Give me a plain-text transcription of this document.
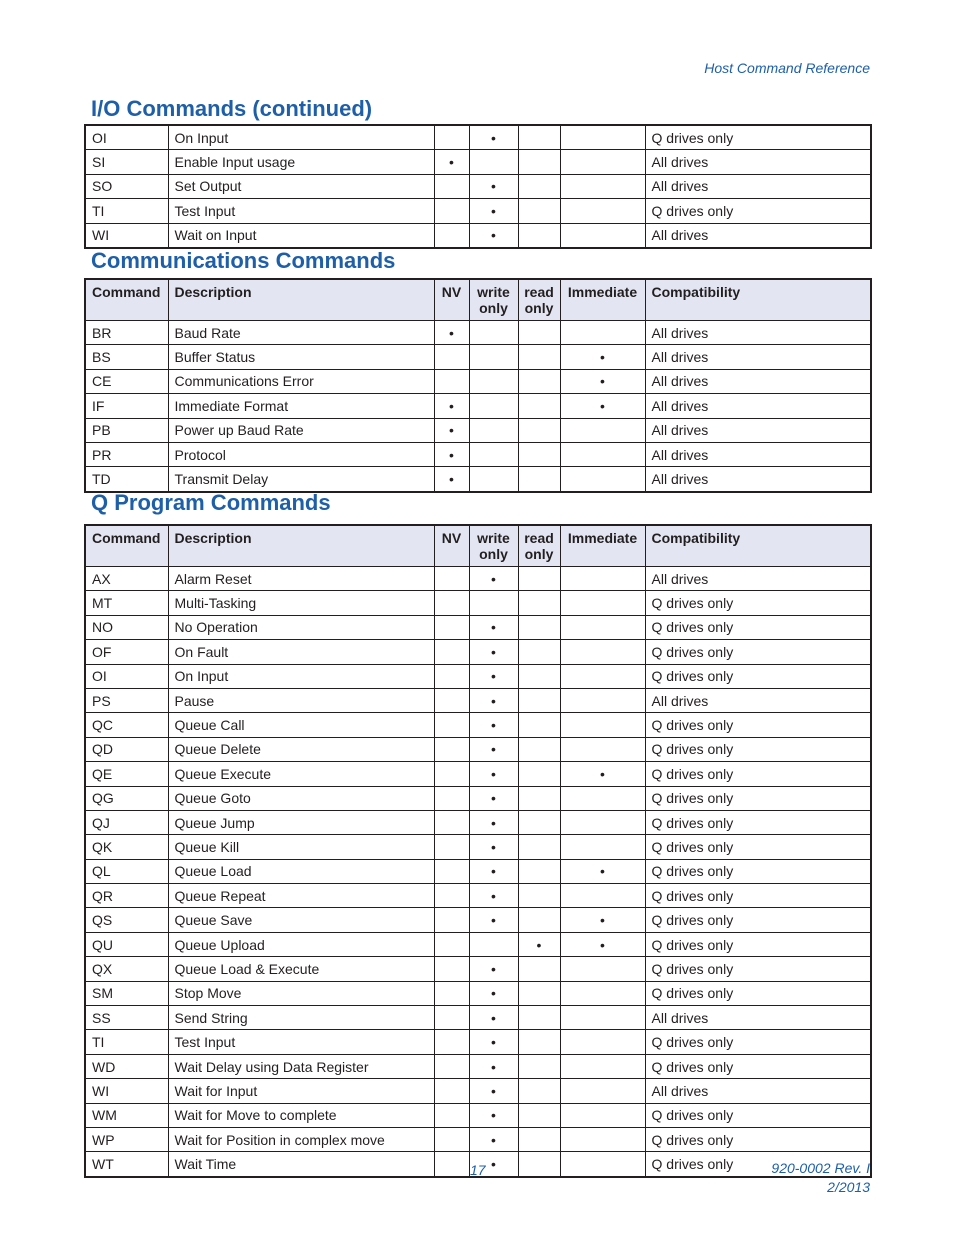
Host Command Reference
I/O Commands (continued)
OI	On Input		•			Q drives only
SI	Enable Input usage	•				All drives
SO	Set Output		•			All drives
TI	Test Input		•			Q drives only
WI	Wait on Input		•			All drives
Communications Commands
Command	Description	NV	write only	read only	Immediate	Compatibility
BR	Baud Rate	•				All drives
BS	Buffer Status				•	All drives
CE	Communications Error				•	All drives
IF	Immediate Format	•			•	All drives
PB	Power up Baud Rate	•				All drives
PR	Protocol	•				All drives
TD	Transmit Delay	•				All drives
Q Program Commands
Command	Description	NV	write only	read only	Immediate	Compatibility
AX	Alarm Reset		•			All drives
MT	Multi-Tasking					Q drives only
NO	No Operation		•			Q drives only
OF	On Fault		•			Q drives only
OI	On Input		•			Q drives only
PS	Pause		•			All drives
QC	Queue Call		•			Q drives only
QD	Queue Delete		•			Q drives only
QE	Queue Execute		•		•	Q drives only
QG	Queue Goto		•			Q drives only
QJ	Queue Jump		•			Q drives only
QK	Queue Kill		•			Q drives only
QL	Queue Load		•		•	Q drives only
QR	Queue Repeat		•			Q drives only
QS	Queue Save		•		•	Q drives only
QU	Queue Upload			•	•	Q drives only
QX	Queue Load & Execute		•			Q drives only
SM	Stop Move		•			Q drives only
SS	Send String		•			All drives
TI	Test Input		•			Q drives only
WD	Wait Delay using Data Register		•			Q drives only
WI	Wait for Input		•			All drives
WM	Wait for Move to complete		•			Q drives only
WP	Wait for Position in complex move		•			Q drives only
WT	Wait Time		•			Q drives only
17	920-0002 Rev. I
2/2013
